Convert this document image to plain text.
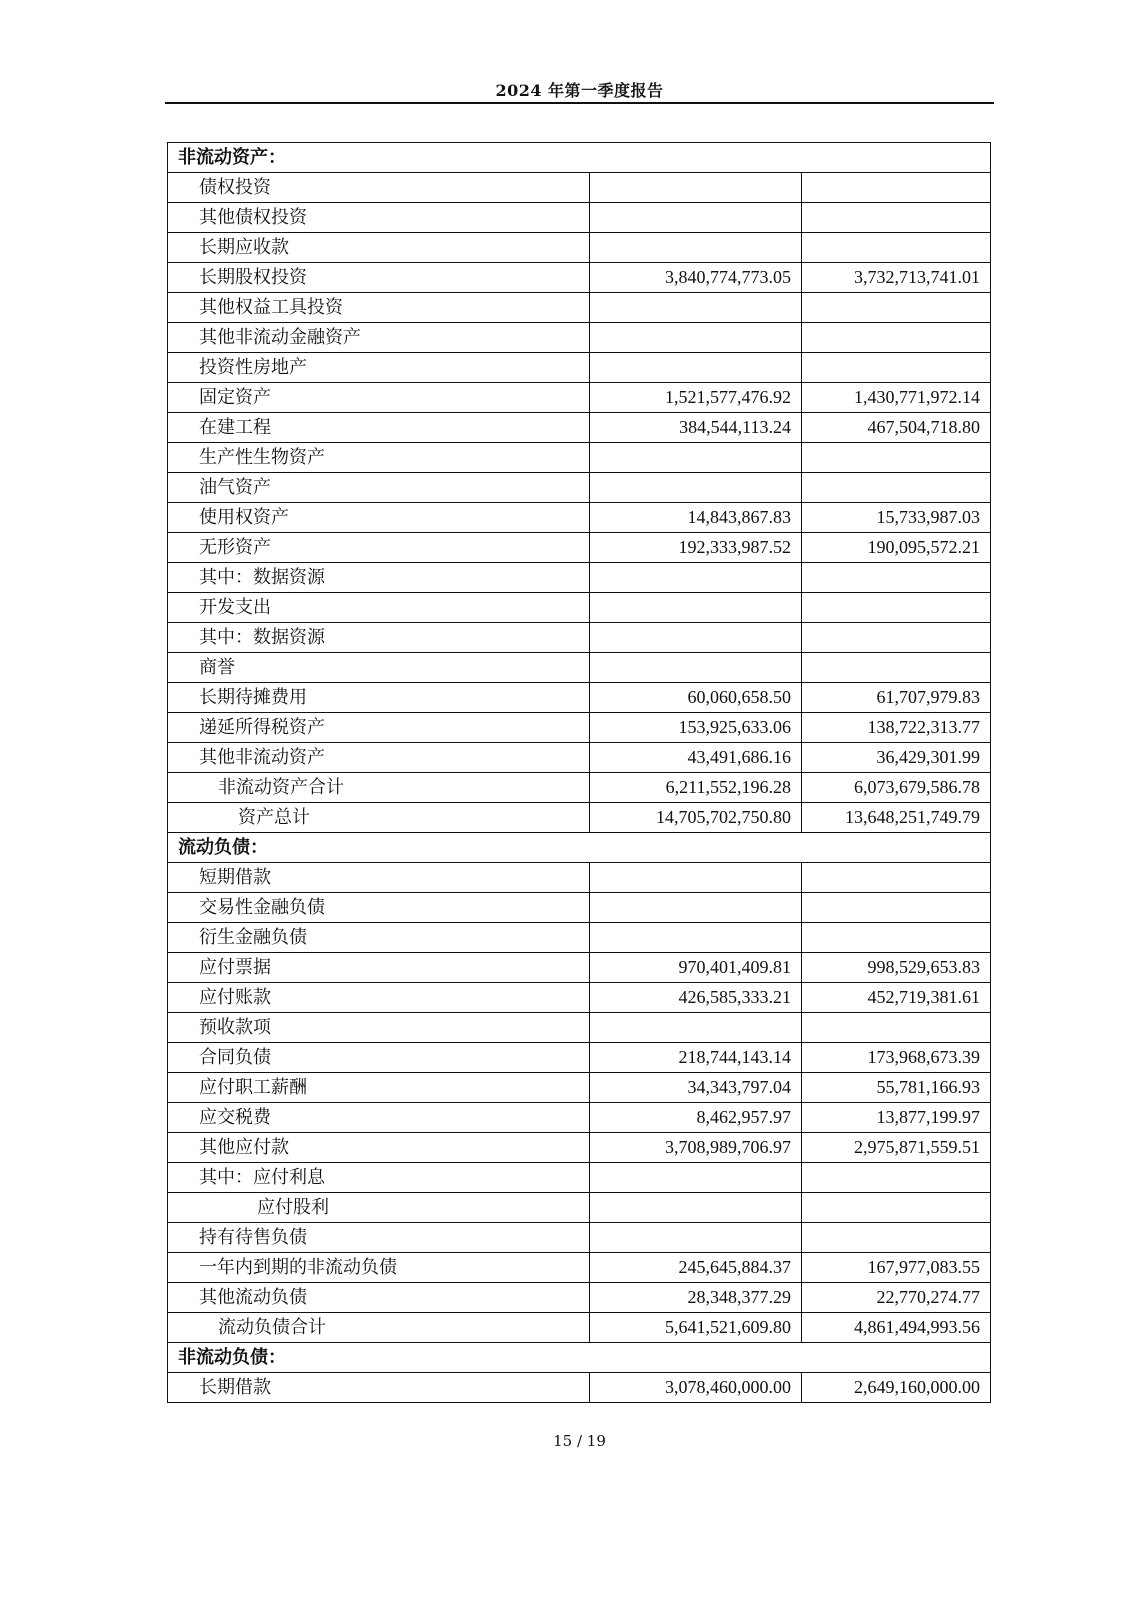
2024 年第一季度报告
非流动资产：		
债权投资		
其他债权投资		
长期应收款		
长期股权投资	3,840,774,773.05	3,732,713,741.01
其他权益工具投资		
其他非流动金融资产		
投资性房地产		
固定资产	1,521,577,476.92	1,430,771,972.14
在建工程	384,544,113.24	467,504,718.80
生产性生物资产		
油气资产		
使用权资产	14,843,867.83	15,733,987.03
无形资产	192,333,987.52	190,095,572.21
其中：数据资源		
开发支出		
其中：数据资源		
商誉		
长期待摊费用	60,060,658.50	61,707,979.83
递延所得税资产	153,925,633.06	138,722,313.77
其他非流动资产	43,491,686.16	36,429,301.99
非流动资产合计	6,211,552,196.28	6,073,679,586.78
资产总计	14,705,702,750.80	13,648,251,749.79
流动负债：		
短期借款		
交易性金融负债		
衍生金融负债		
应付票据	970,401,409.81	998,529,653.83
应付账款	426,585,333.21	452,719,381.61
预收款项		
合同负债	218,744,143.14	173,968,673.39
应付职工薪酬	34,343,797.04	55,781,166.93
应交税费	8,462,957.97	13,877,199.97
其他应付款	3,708,989,706.97	2,975,871,559.51
其中：应付利息		
应付股利		
持有待售负债		
一年内到期的非流动负债	245,645,884.37	167,977,083.55
其他流动负债	28,348,377.29	22,770,274.77
流动负债合计	5,641,521,609.80	4,861,494,993.56
非流动负债：		
长期借款	3,078,460,000.00	2,649,160,000.00
15 / 19
